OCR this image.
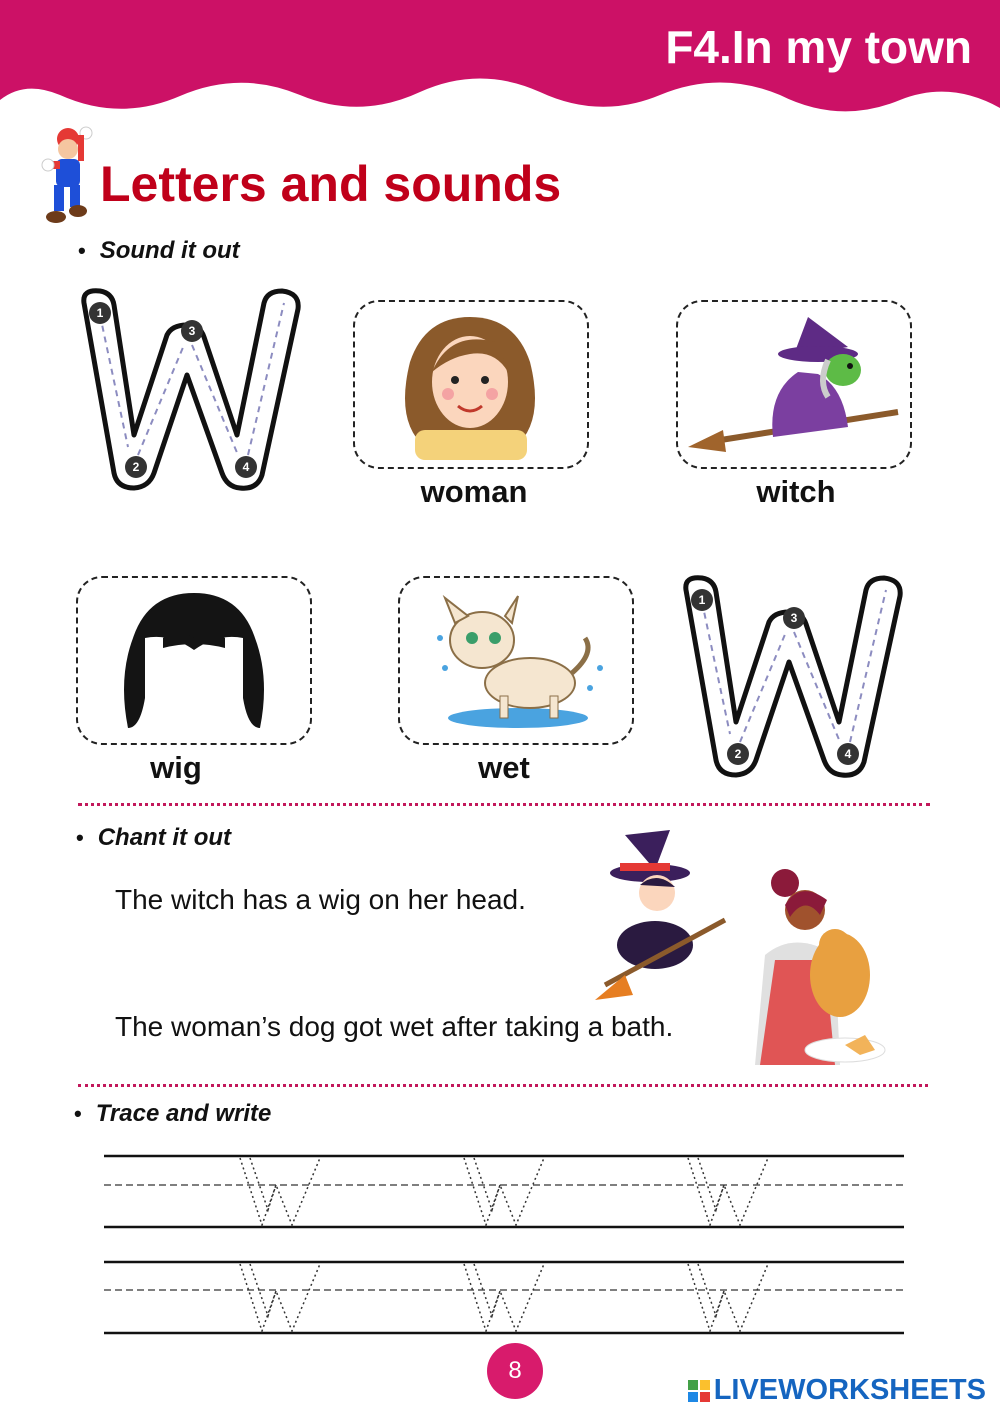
F4.In my town
Letters and sounds
• Sound it out
1
2
3
4
woman	witch
wig	wet
1
2
3
4
• Chant it out
The witch has a wig on her head.
The woman’s dog got wet after taking a bath.
• Trace and write
8
LIVEWORKSHEETS
